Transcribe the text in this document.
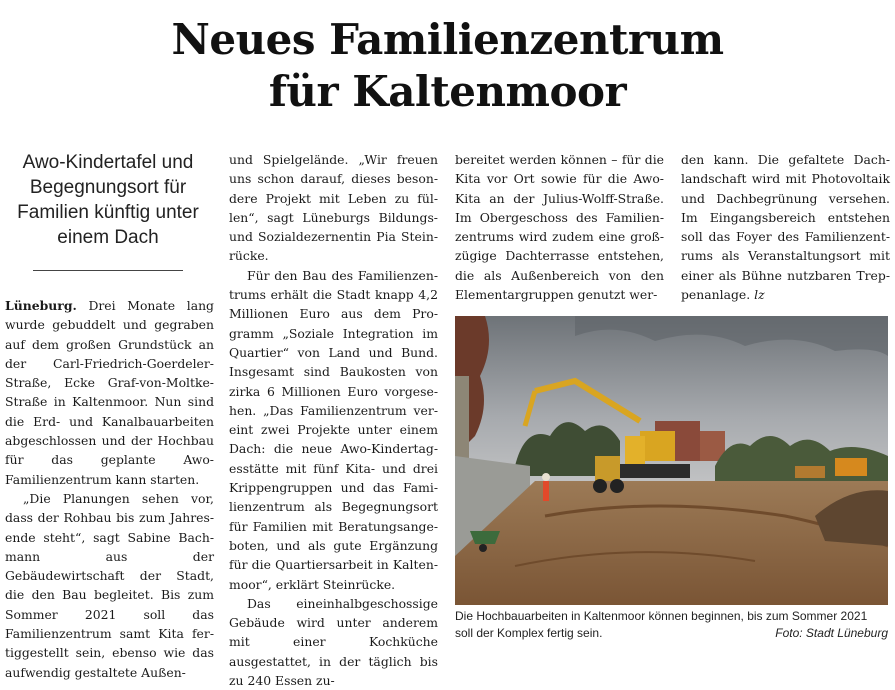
Neues Familienzentrum
für Kaltenmoor
Awo-Kindertafel und Begegnungsort für Familien künftig unter einem Dach

Lüneburg. Drei Monate lang wurde gebuddelt und gegraben auf dem großen Grundstück an der Carl-Friedrich-Goerdeler-Straße, Ecke Graf-von-Moltke-Straße in Kaltenmoor. Nun sind die Erd- und Kanalbauarbeiten abgeschlossen und der Hochbau für das geplante Awo-Familienzentrum kann starten.

„Die Planungen sehen vor, dass der Rohbau bis zum Jahresende steht“, sagt Sabine Bachmann aus der Gebäudewirtschaft der Stadt, die den Bau begleitet. Bis zum Sommer 2021 soll das Familienzentrum samt Kita fertiggestellt sein, ebenso wie das aufwendig gestaltete Außen-

und Spielgelände. „Wir freuen uns schon darauf, dieses besondere Projekt mit Leben zu füllen“, sagt Lüneburgs Bildungs- und Sozialdezernentin Pia Steinrücke.

Für den Bau des Familienzentrums erhält die Stadt knapp 4,2 Millionen Euro aus dem Programm „Soziale Integration im Quartier“ von Land und Bund. Insgesamt sind Baukosten von zirka 6 Millionen Euro vorgesehen. „Das Familienzentrum vereint zwei Projekte unter einem Dach: die neue Awo-Kindertagesstätte mit fünf Kita- und drei Krippengruppen und das Familienzentrum als Begegnungsort für Familien mit Beratungsangeboten, und als gute Ergänzung für die Quartiersarbeit in Kaltenmoor“, erklärt Steinrücke.

Das eineinhalbgeschossige Gebäude wird unter anderem mit einer Kochküche ausgestattet, in der täglich bis zu 240 Essen zu-

bereitet werden können – für die Kita vor Ort sowie für die Awo-Kita an der Julius-Wolff-Straße. Im Obergeschoss des Familienzentrums wird zudem eine großzügige Dachterrasse entstehen, die als Außenbereich von den Elementargruppen genutzt wer-

den kann. Die gefaltete Dachlandschaft wird mit Photovoltaik und Dachbegrünung versehen. Im Eingangsbereich entstehen soll das Foyer des Familienzentrums als Veranstaltungsort mit einer als Bühne nutzbaren Treppenanlage. lz

Die Hochbauarbeiten in Kaltenmoor können beginnen, bis zum Sommer 2021 soll der Komplex fertig sein.	Foto: Stadt Lüneburg
